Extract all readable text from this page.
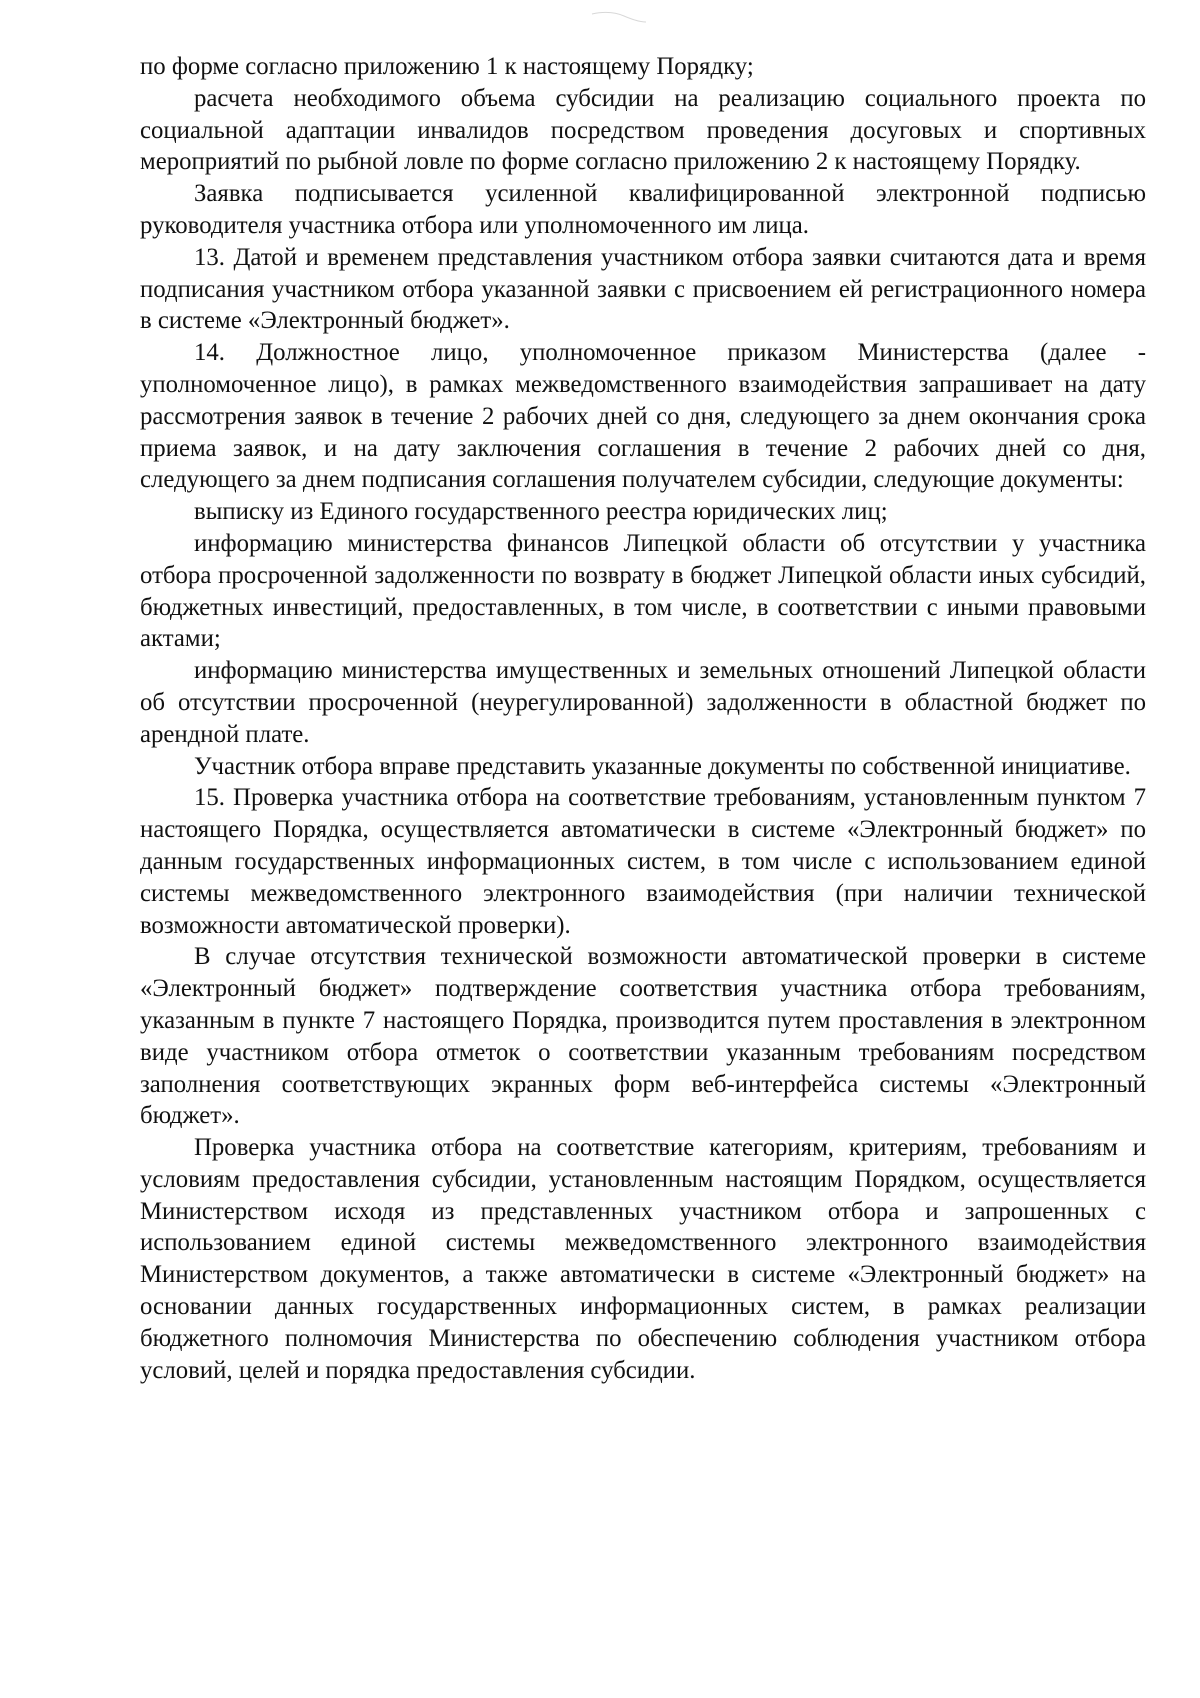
по форме согласно приложению 1 к настоящему Порядку;

расчета необходимого объема субсидии на реализацию социального проекта по социальной адаптации инвалидов посредством проведения досуговых и спортивных мероприятий по рыбной ловле по форме согласно приложению 2 к настоящему Порядку.

Заявка подписывается усиленной квалифицированной электронной подписью руководителя участника отбора или уполномоченного им лица.

13. Датой и временем представления участником отбора заявки считаются дата и время подписания участником отбора указанной заявки с присвоением ей регистрационного номера в системе «Электронный бюджет».

14. Должностное лицо, уполномоченное приказом Министерства (далее - уполномоченное лицо), в рамках межведомственного взаимодействия запрашивает на дату рассмотрения заявок в течение 2 рабочих дней со дня, следующего за днем окончания срока приема заявок, и на дату заключения соглашения в течение 2 рабочих дней со дня, следующего за днем подписания соглашения получателем субсидии, следующие документы:

выписку из Единого государственного реестра юридических лиц;

информацию министерства финансов Липецкой области об отсутствии у участника отбора просроченной задолженности по возврату в бюджет Липецкой области иных субсидий, бюджетных инвестиций, предоставленных, в том числе, в соответствии с иными правовыми актами;

информацию министерства имущественных и земельных отношений Липецкой области об отсутствии просроченной (неурегулированной) задолженности в областной бюджет по арендной плате.

Участник отбора вправе представить указанные документы по собственной инициативе.

15. Проверка участника отбора на соответствие требованиям, установленным пунктом 7 настоящего Порядка, осуществляется автоматически в системе «Электронный бюджет» по данным государственных информационных систем, в том числе с использованием единой системы межведомственного электронного взаимодействия (при наличии технической возможности автоматической проверки).

В случае отсутствия технической возможности автоматической проверки в системе «Электронный бюджет» подтверждение соответствия участника отбора требованиям, указанным в пункте 7 настоящего Порядка, производится путем проставления в электронном виде участником отбора отметок о соответствии указанным требованиям посредством заполнения соответствующих экранных форм веб-интерфейса системы «Электронный бюджет».

Проверка участника отбора на соответствие категориям, критериям, требованиям и условиям предоставления субсидии, установленным настоящим Порядком, осуществляется Министерством исходя из представленных участником отбора и запрошенных с использованием единой системы межведомственного электронного взаимодействия Министерством документов, а также автоматически в системе «Электронный бюджет» на основании данных государственных информационных систем, в рамках реализации бюджетного полномочия Министерства по обеспечению соблюдения участником отбора условий, целей и порядка предоставления субсидии.
